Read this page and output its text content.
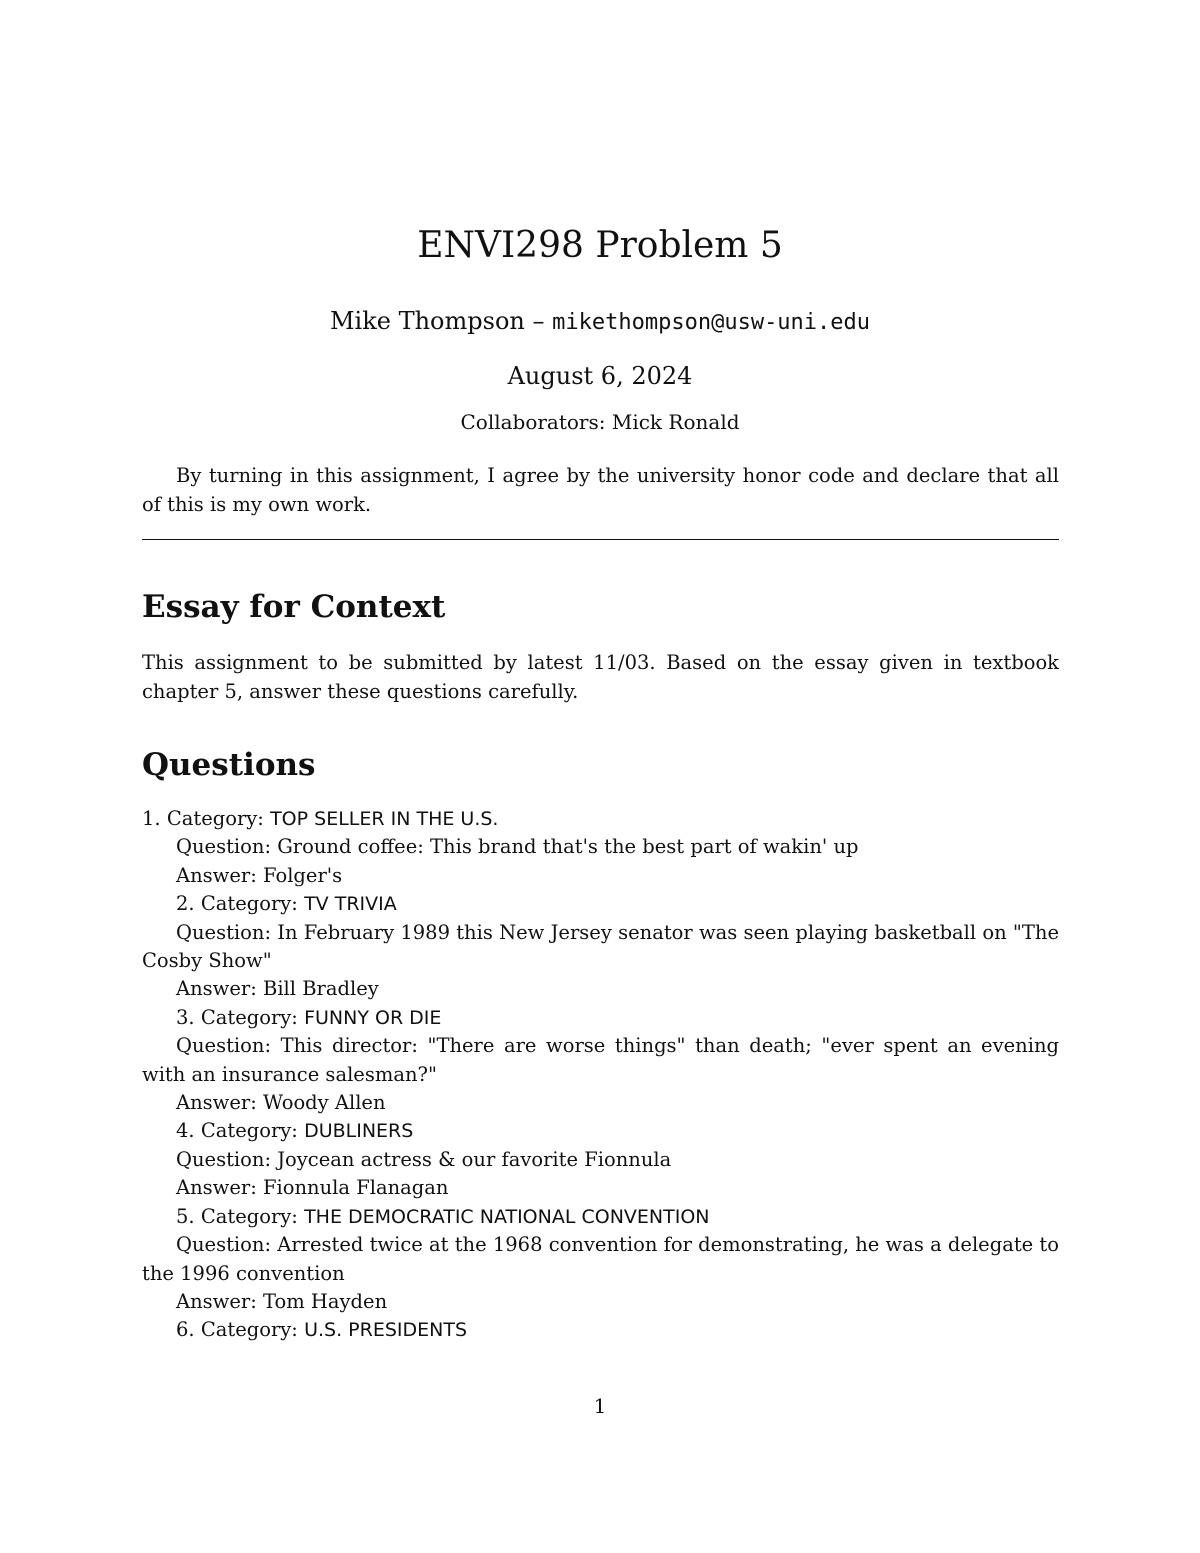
ENVI298 Problem 5
Mike Thompson – mikethompson@usw-uni.edu
August 6, 2024
Collaborators: Mick Ronald
By turning in this assignment, I agree by the university honor code and declare that all of this is my own work.
Essay for Context
This assignment to be submitted by latest 11/03. Based on the essay given in textbook chapter 5, answer these questions carefully.
Questions
1. Category: TOP SELLER IN THE U.S.
Question: Ground coffee: This brand that's the best part of wakin' up
Answer: Folger's
2. Category: TV TRIVIA
Question: In February 1989 this New Jersey senator was seen playing basketball on "The Cosby Show"
Answer: Bill Bradley
3. Category: FUNNY OR DIE
Question: This director: "There are worse things" than death; "ever spent an evening with an insurance salesman?"
Answer: Woody Allen
4. Category: DUBLINERS
Question: Joycean actress & our favorite Fionnula
Answer: Fionnula Flanagan
5. Category: THE DEMOCRATIC NATIONAL CONVENTION
Question: Arrested twice at the 1968 convention for demonstrating, he was a delegate to the 1996 convention
Answer: Tom Hayden
6. Category: U.S. PRESIDENTS
1
